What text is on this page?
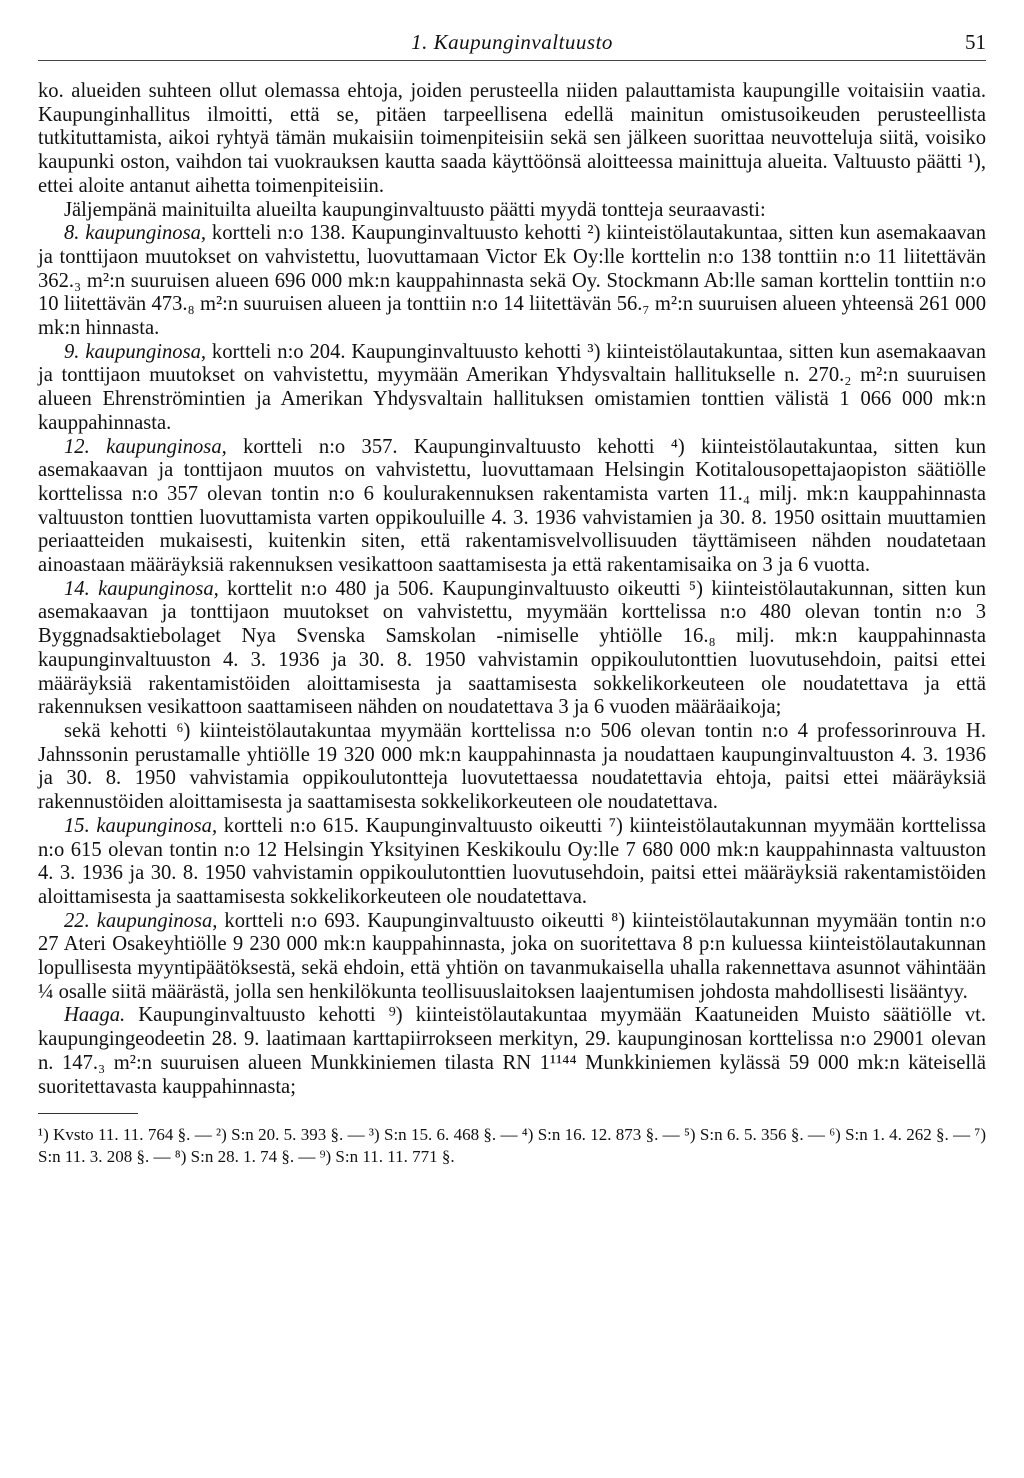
1. Kaupunginvaltuusto	51

ko. alueiden suhteen ollut olemassa ehtoja, joiden perusteella niiden palauttamista kaupungille voitaisiin vaatia. Kaupunginhallitus ilmoitti, että se, pitäen tarpeellisena edellä mainitun omistusoikeuden perusteellista tutkituttamista, aikoi ryhtyä tämän mukaisiin toimenpiteisiin sekä sen jälkeen suorittaa neuvotteluja siitä, voisiko kaupunki oston, vaihdon tai vuokrauksen kautta saada käyttöönsä aloitteessa mainittuja alueita. Valtuusto päätti ¹), ettei aloite antanut aihetta toimenpiteisiin.

Jäljempänä mainituilta alueilta kaupunginvaltuusto päätti myydä tontteja seuraavasti:

8. kaupunginosa, kortteli n:o 138. Kaupunginvaltuusto kehotti ²) kiinteistölautakuntaa, sitten kun asemakaavan ja tonttijaon muutokset on vahvistettu, luovuttamaan Victor Ek Oy:lle korttelin n:o 138 tonttiin n:o 11 liitettävän 362.₃ m²:n suuruisen alueen 696 000 mk:n kauppahinnasta sekä Oy. Stockmann Ab:lle saman korttelin tonttiin n:o 10 liitettävän 473.₈ m²:n suuruisen alueen ja tonttiin n:o 14 liitettävän 56.₇ m²:n suuruisen alueen yhteensä 261 000 mk:n hinnasta.

9. kaupunginosa, kortteli n:o 204. Kaupunginvaltuusto kehotti ³) kiinteistölautakuntaa, sitten kun asemakaavan ja tonttijaon muutokset on vahvistettu, myymään Amerikan Yhdysvaltain hallitukselle n. 270.₂ m²:n suuruisen alueen Ehrenströmintien ja Amerikan Yhdysvaltain hallituksen omistamien tonttien välistä 1 066 000 mk:n kauppahinnasta.

12. kaupunginosa, kortteli n:o 357. Kaupunginvaltuusto kehotti ⁴) kiinteistölautakuntaa, sitten kun asemakaavan ja tonttijaon muutos on vahvistettu, luovuttamaan Helsingin Kotitalousopettajaopiston säätiölle korttelissa n:o 357 olevan tontin n:o 6 koulurakennuksen rakentamista varten 11.₄ milj. mk:n kauppahinnasta valtuuston tonttien luovuttamista varten oppikouluille 4. 3. 1936 vahvistamien ja 30. 8. 1950 osittain muuttamien periaatteiden mukaisesti, kuitenkin siten, että rakentamisvelvollisuuden täyttämiseen nähden noudatetaan ainoastaan määräyksiä rakennuksen vesikattoon saattamisesta ja että rakentamisaika on 3 ja 6 vuotta.

14. kaupunginosa, korttelit n:o 480 ja 506. Kaupunginvaltuusto oikeutti ⁵) kiinteistölautakunnan, sitten kun asemakaavan ja tonttijaon muutokset on vahvistettu, myymään korttelissa n:o 480 olevan tontin n:o 3 Byggnadsaktiebolaget Nya Svenska Samskolan -nimiselle yhtiölle 16.₈ milj. mk:n kauppahinnasta kaupunginvaltuuston 4. 3. 1936 ja 30. 8. 1950 vahvistamin oppikoulutonttien luovutusehdoin, paitsi ettei määräyksiä rakentamistöiden aloittamisesta ja saattamisesta sokkelikorkeuteen ole noudatettava ja että rakennuksen vesikattoon saattamiseen nähden on noudatettava 3 ja 6 vuoden määräaikoja;

sekä kehotti ⁶) kiinteistölautakuntaa myymään korttelissa n:o 506 olevan tontin n:o 4 professorinrouva H. Jahnssonin perustamalle yhtiölle 19 320 000 mk:n kauppahinnasta ja noudattaen kaupunginvaltuuston 4. 3. 1936 ja 30. 8. 1950 vahvistamia oppikoulutontteja luovutettaessa noudatettavia ehtoja, paitsi ettei määräyksiä rakennustöiden aloittamisesta ja saattamisesta sokkelikorkeuteen ole noudatettava.

15. kaupunginosa, kortteli n:o 615. Kaupunginvaltuusto oikeutti ⁷) kiinteistölautakunnan myymään korttelissa n:o 615 olevan tontin n:o 12 Helsingin Yksityinen Keskikoulu Oy:lle 7 680 000 mk:n kauppahinnasta valtuuston 4. 3. 1936 ja 30. 8. 1950 vahvistamin oppikoulutonttien luovutusehdoin, paitsi ettei määräyksiä rakentamistöiden aloittamisesta ja saattamisesta sokkelikorkeuteen ole noudatettava.

22. kaupunginosa, kortteli n:o 693. Kaupunginvaltuusto oikeutti ⁸) kiinteistölautakunnan myymään tontin n:o 27 Ateri Osakeyhtiölle 9 230 000 mk:n kauppahinnasta, joka on suoritettava 8 p:n kuluessa kiinteistölautakunnan lopullisesta myyntipäätöksestä, sekä ehdoin, että yhtiön on tavanmukaisella uhalla rakennettava asunnot vähintään ¼ osalle siitä määrästä, jolla sen henkilökunta teollisuuslaitoksen laajentumisen johdosta mahdollisesti lisääntyy.

Haaga. Kaupunginvaltuusto kehotti ⁹) kiinteistölautakuntaa myymään Kaatuneiden Muisto säätiölle vt. kaupungingeodeetin 28. 9. laatimaan karttapiirrokseen merkityn, 29. kaupunginosan korttelissa n:o 29001 olevan n. 147.₃ m²:n suuruisen alueen Munkkiniemen tilasta RN 1¹¹⁴⁴ Munkkiniemen kylässä 59 000 mk:n käteisellä suoritettavasta kauppahinnasta;

¹) Kvsto 11. 11. 764 §. — ²) S:n 20. 5. 393 §. — ³) S:n 15. 6. 468 §. — ⁴) S:n 16. 12. 873 §. — ⁵) S:n 6. 5. 356 §. — ⁶) S:n 1. 4. 262 §. — ⁷) S:n 11. 3. 208 §. — ⁸) S:n 28. 1. 74 §. — ⁹) S:n 11. 11. 771 §.
